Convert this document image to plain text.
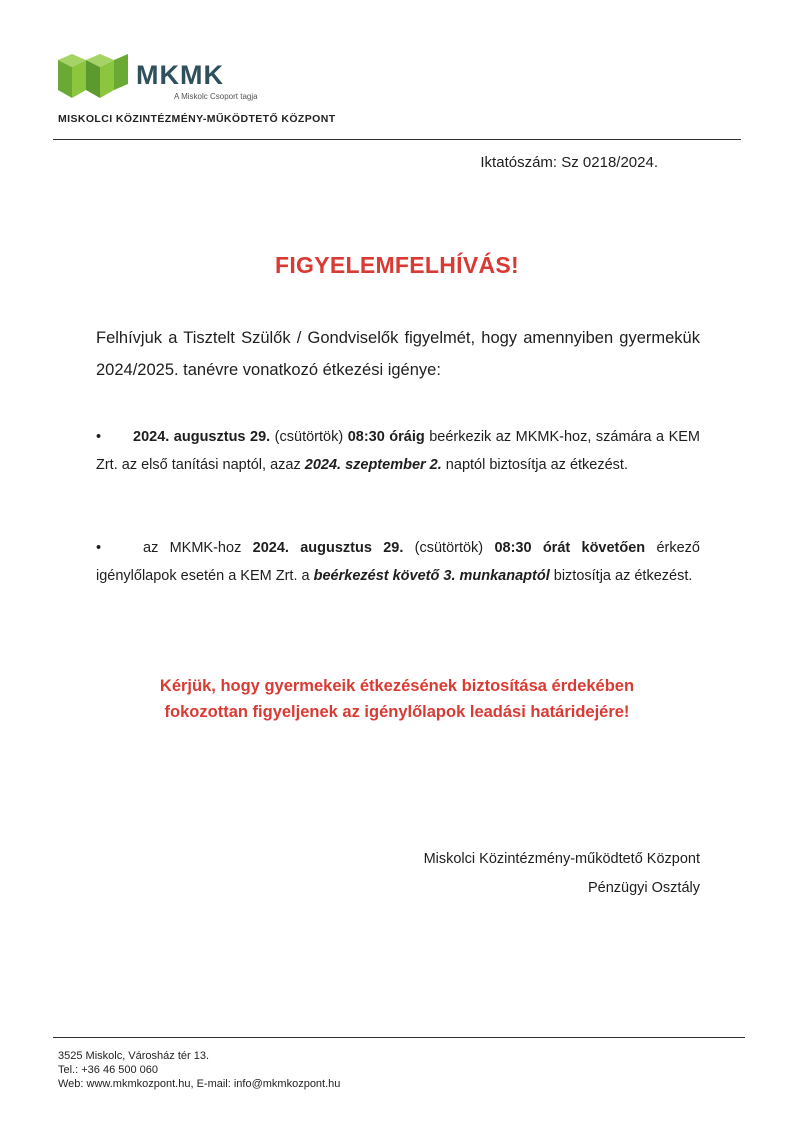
MKMK
A Miskolc Csoport tagja
MISKOLCI KÖZINTÉZMÉNY-MŰKÖDTETŐ KÖZPONT
Iktatószám: Sz 0218/2024.
FIGYELEMFELHÍVÁS!
Felhívjuk a Tisztelt Szülők / Gondviselők figyelmét, hogy amennyiben gyermekük 2024/2025. tanévre vonatkozó étkezési igénye:
•	2024. augusztus 29. (csütörtök) 08:30 óráig beérkezik az MKMK-hoz, számára a KEM Zrt. az első tanítási naptól, azaz 2024. szeptember 2. naptól biztosítja az étkezést.
•	az MKMK-hoz 2024. augusztus 29. (csütörtök) 08:30 órát követően érkező igénylőlapok esetén a KEM Zrt. a beérkezést követő 3. munkanaptól biztosítja az étkezést.
Kérjük, hogy gyermekeik étkezésének biztosítása érdekében
fokozottan figyeljenek az igénylőlapok leadási határidejére!
Miskolci Közintézmény-működtető Központ
Pénzügyi Osztály
3525 Miskolc, Városház tér 13.
Tel.: +36 46 500 060
Web: www.mkmkozpont.hu, E-mail: info@mkmkozpont.hu
